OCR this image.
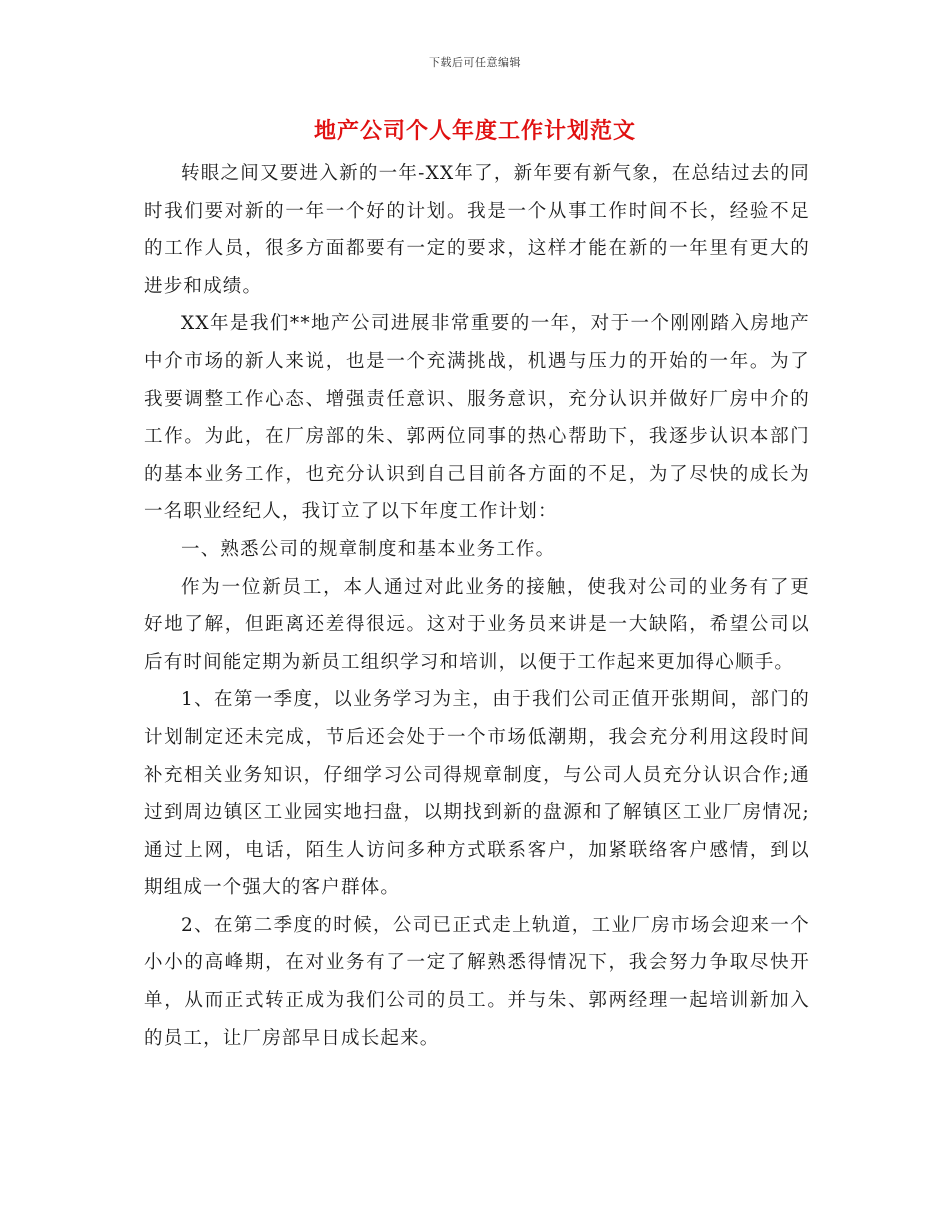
下载后可任意编辑
地产公司个人年度工作计划范文

转眼之间又要进入新的一年-XX年了，新年要有新气象，在总结过去的同时我们要对新的一年一个好的计划。我是一个从事工作时间不长，经验不足的工作人员，很多方面都要有一定的要求，这样才能在新的一年里有更大的进步和成绩。

XX年是我们**地产公司进展非常重要的一年，对于一个刚刚踏入房地产中介市场的新人来说，也是一个充满挑战，机遇与压力的开始的一年。为了我要调整工作心态、增强责任意识、服务意识，充分认识并做好厂房中介的工作。为此，在厂房部的朱、郭两位同事的热心帮助下，我逐步认识本部门的基本业务工作，也充分认识到自己目前各方面的不足，为了尽快的成长为一名职业经纪人，我订立了以下年度工作计划：

一、熟悉公司的规章制度和基本业务工作。

作为一位新员工，本人通过对此业务的接触，使我对公司的业务有了更好地了解，但距离还差得很远。这对于业务员来讲是一大缺陷，希望公司以后有时间能定期为新员工组织学习和培训，以便于工作起来更加得心顺手。

1、在第一季度，以业务学习为主，由于我们公司正值开张期间，部门的计划制定还未完成，节后还会处于一个市场低潮期，我会充分利用这段时间补充相关业务知识，仔细学习公司得规章制度，与公司人员充分认识合作;通过到周边镇区工业园实地扫盘，以期找到新的盘源和了解镇区工业厂房情况;通过上网，电话，陌生人访问多种方式联系客户，加紧联络客户感情，到以期组成一个强大的客户群体。

2、在第二季度的时候，公司已正式走上轨道，工业厂房市场会迎来一个小小的高峰期，在对业务有了一定了解熟悉得情况下，我会努力争取尽快开单，从而正式转正成为我们公司的员工。并与朱、郭两经理一起培训新加入的员工，让厂房部早日成长起来。
